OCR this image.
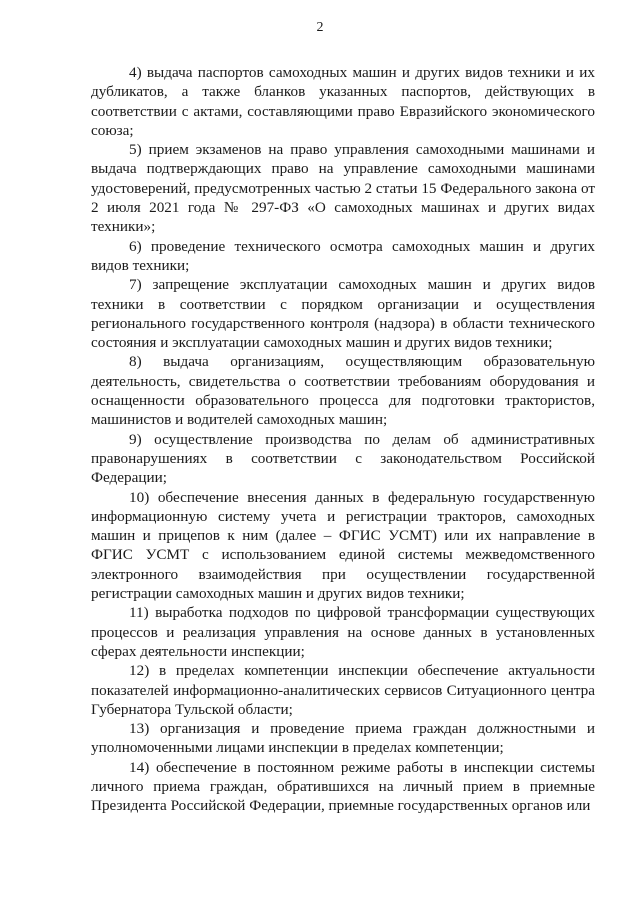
2

4) выдача паспортов самоходных машин и других видов техники и их дубликатов, а также бланков указанных паспортов, действующих в соответствии с актами, составляющими право Евразийского экономического союза;

5) прием экзаменов на право управления самоходными машинами и выдача подтверждающих право на управление самоходными машинами удостоверений, предусмотренных частью 2 статьи 15 Федерального закона от 2 июля 2021 года № 297-ФЗ «О самоходных машинах и других видах техники»;

6) проведение технического осмотра самоходных машин и других видов техники;

7) запрещение эксплуатации самоходных машин и других видов техники в соответствии с порядком организации и осуществления регионального государственного контроля (надзора) в области технического состояния и эксплуатации самоходных машин и других видов техники;

8) выдача организациям, осуществляющим образовательную деятельность, свидетельства о соответствии требованиям оборудования и оснащенности образовательного процесса для подготовки трактористов, машинистов и водителей самоходных машин;

9) осуществление производства по делам об административных правонарушениях в соответствии с законодательством Российской Федерации;

10) обеспечение внесения данных в федеральную государственную информационную систему учета и регистрации тракторов, самоходных машин и прицепов к ним (далее – ФГИС УСМТ) или их направление в ФГИС УСМТ с использованием единой системы межведомственного электронного взаимодействия при осуществлении государственной регистрации самоходных машин и других видов техники;

11) выработка подходов по цифровой трансформации существующих процессов и реализация управления на основе данных в установленных сферах деятельности инспекции;

12) в пределах компетенции инспекции обеспечение актуальности показателей информационно-аналитических сервисов Ситуационного центра Губернатора Тульской области;

13) организация и проведение приема граждан должностными и уполномоченными лицами инспекции в пределах компетенции;

14) обеспечение в постоянном режиме работы в инспекции системы личного приема граждан, обратившихся на личный прием в приемные Президента Российской Федерации, приемные государственных органов или
